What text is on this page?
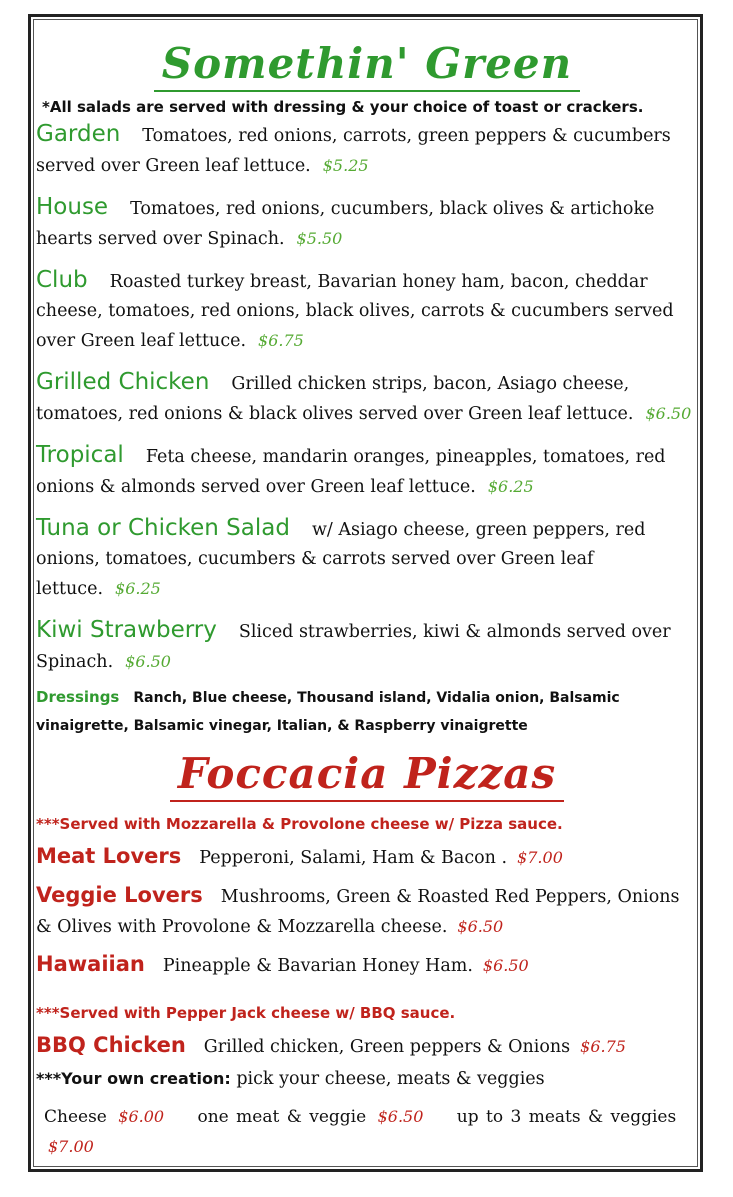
Somethin' Green
*All salads are served with dressing & your choice of toast or crackers.

Garden Tomatoes, red onions, carrots, green peppers & cucumbers served over Green leaf lettuce. $5.25

House Tomatoes, red onions, cucumbers, black olives & artichoke hearts served over Spinach. $5.50

Club Roasted turkey breast, Bavarian honey ham, bacon, cheddar cheese, tomatoes, red onions, black olives, carrots & cucumbers served over Green leaf lettuce. $6.75

Grilled Chicken Grilled chicken strips, bacon, Asiago cheese, tomatoes, red onions & black olives served over Green leaf lettuce. $6.50

Tropical Feta cheese, mandarin oranges, pineapples, tomatoes, red onions & almonds served over Green leaf lettuce. $6.25

Tuna or Chicken Salad w/ Asiago cheese, green peppers, red onions, tomatoes, cucumbers & carrots served over Green leaf lettuce. $6.25

Kiwi Strawberry Sliced strawberries, kiwi & almonds served over Spinach. $6.50

Dressings Ranch, Blue cheese, Thousand island, Vidalia onion, Balsamic vinaigrette, Balsamic vinegar, Italian, & Raspberry vinaigrette

Foccacia Pizzas
***Served with Mozzarella & Provolone cheese w/ Pizza sauce.

Meat Lovers Pepperoni, Salami, Ham & Bacon . $7.00

Veggie Lovers Mushrooms, Green & Roasted Red Peppers, Onions & Olives with Provolone & Mozzarella cheese. $6.50

Hawaiian Pineapple & Bavarian Honey Ham. $6.50

***Served with Pepper Jack cheese w/ BBQ sauce.

BBQ Chicken Grilled chicken, Green peppers & Onions $6.75

***Your own creation: pick your cheese, meats & veggies

Cheese $6.00 one meat & veggie $6.50 up to 3 meats & veggies $7.00
